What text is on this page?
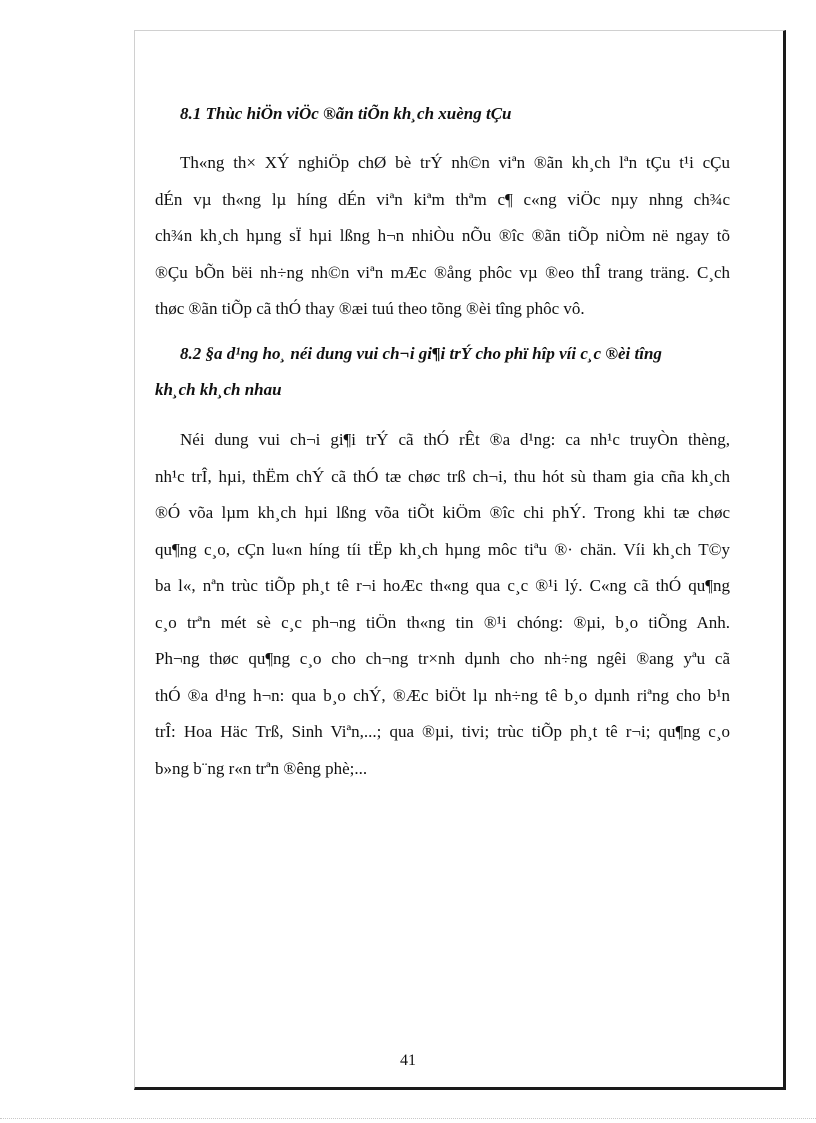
8.1 Thùc hiÖn viÖc ®ãn tiÕn kh¸ch xuèng tÇu
Th«ng th× XÝ nghiÖp chØ bè trÝ nh©n viªn ®ãn kh¸ch lªn tÇu t¹i cÇu
dÉn vµ th«ng lµ híng dÉn viªn kiªm thªm c¶ c«ng viÖc nµy nhng ch¾c
ch¾n kh¸ch hµng sÏ hµi lßng h¬n nhiÒu nÕu ®îc ®ãn tiÕp niÒm në ngay tõ
®Çu bÕn bëi nh÷ng nh©n viªn mÆc ®ång phôc vµ ®eo thÎ trang träng. C¸ch
thøc ®ãn tiÕp cã thÓ thay ®æi tuú theo tõng ®èi tîng phôc vô.
8.2 §a d¹ng ho¸ néi dung vui ch¬i gi¶i trÝ cho phï hîp víi c¸c ®èi tîng
kh¸ch kh¸ch nhau
Néi dung vui ch¬i gi¶i trÝ cã thÓ rÊt ®a d¹ng: ca nh¹c truyÒn thèng,
nh¹c trÎ, hµi, thËm chÝ cã thÓ tæ chøc trß ch¬i, thu hót sù tham gia cña kh¸ch
®Ó võa lµm kh¸ch hµi lßng võa tiÕt kiÖm ®îc chi phÝ. Trong khi tæ chøc
qu¶ng c¸o, cÇn lu«n híng tíi tËp kh¸ch hµng môc tiªu ®· chän. Víi kh¸ch T©y
ba l«, nªn trùc tiÕp ph¸t tê r¬i hoÆc th«ng qua c¸c ®¹i lý. C«ng cã thÓ qu¶ng
c¸o trªn mét sè c¸c ph¬ng tiÖn th«ng tin ®¹i chóng: ®µi, b¸o tiÕng Anh.
Ph¬ng thøc qu¶ng c¸o cho ch¬ng tr×nh dµnh cho nh÷ng ngêi ®ang yªu cã
thÓ ®a d¹ng h¬n: qua b¸o chÝ, ®Æc biÖt lµ nh÷ng tê b¸o dµnh riªng cho b¹n
trÎ: Hoa Häc Trß, Sinh Viªn,...; qua ®µi, tivi; trùc tiÕp ph¸t tê r¬i; qu¶ng c¸o
b»ng b¨ng r«n trªn ®êng phè;...
41
